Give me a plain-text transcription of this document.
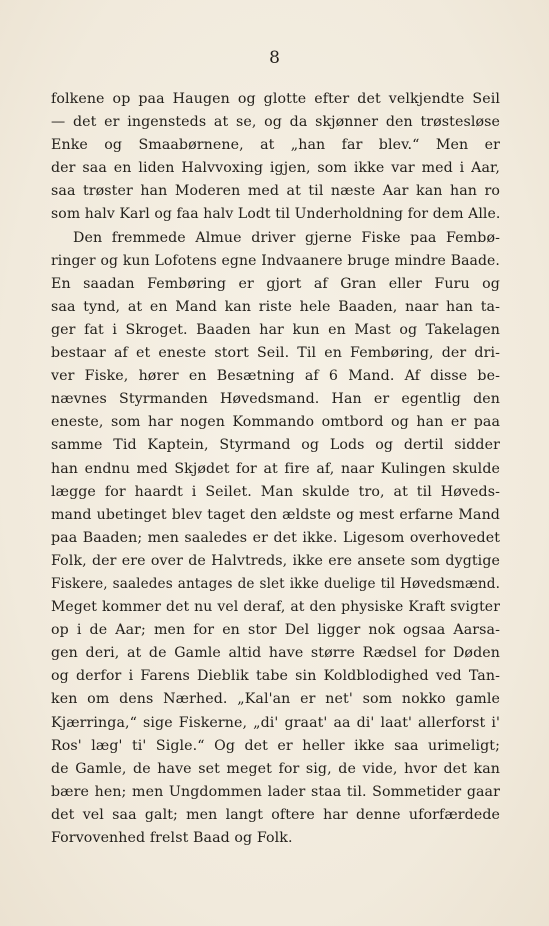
8
folkene op paa Haugen og glotte efter det velkjendte Seil
— det er ingensteds at se, og da skjønner den trøstesløse
Enke og Smaabørnene, at „han far blev.“ Men er
der saa en liden Halvvoxing igjen, som ikke var med i Aar,
saa trøster han Moderen med at til næste Aar kan han ro
som halv Karl og faa halv Lodt til Underholdning for dem Alle.
Den fremmede Almue driver gjerne Fiske paa Fembø-
ringer og kun Lofotens egne Indvaanere bruge mindre Baade.
En saadan Fembøring er gjort af Gran eller Furu og
saa tynd, at en Mand kan riste hele Baaden, naar han ta-
ger fat i Skroget. Baaden har kun en Mast og Takelagen
bestaar af et eneste stort Seil. Til en Fembøring, der dri-
ver Fiske, hører en Besætning af 6 Mand. Af disse be-
nævnes Styrmanden Høvedsmand. Han er egentlig den
eneste, som har nogen Kommando omtbord og han er paa
samme Tid Kaptein, Styrmand og Lods og dertil sidder
han endnu med Skjødet for at fire af, naar Kulingen skulde
lægge for haardt i Seilet. Man skulde tro, at til Høveds-
mand ubetinget blev taget den ældste og mest erfarne Mand
paa Baaden; men saaledes er det ikke. Ligesom overhovedet
Folk, der ere over de Halvtreds, ikke ere ansete som dygtige
Fiskere, saaledes antages de slet ikke duelige til Høvedsmænd.
Meget kommer det nu vel deraf, at den physiske Kraft svigter
op i de Aar; men for en stor Del ligger nok ogsaa Aarsa-
gen deri, at de Gamle altid have større Rædsel for Døden
og derfor i Farens Dieblik tabe sin Koldblodighed ved Tan-
ken om dens Nærhed. „Kal'an er net' som nokko gamle
Kjærringa,“ sige Fiskerne, „di' graat' aa di' laat' allerforst i'
Ros' læg' ti' Sigle.“ Og det er heller ikke saa urimeligt;
de Gamle, de have set meget for sig, de vide, hvor det kan
bære hen; men Ungdommen lader staa til. Sommetider gaar
det vel saa galt; men langt oftere har denne uforfærdede
Forvovenhed frelst Baad og Folk.
